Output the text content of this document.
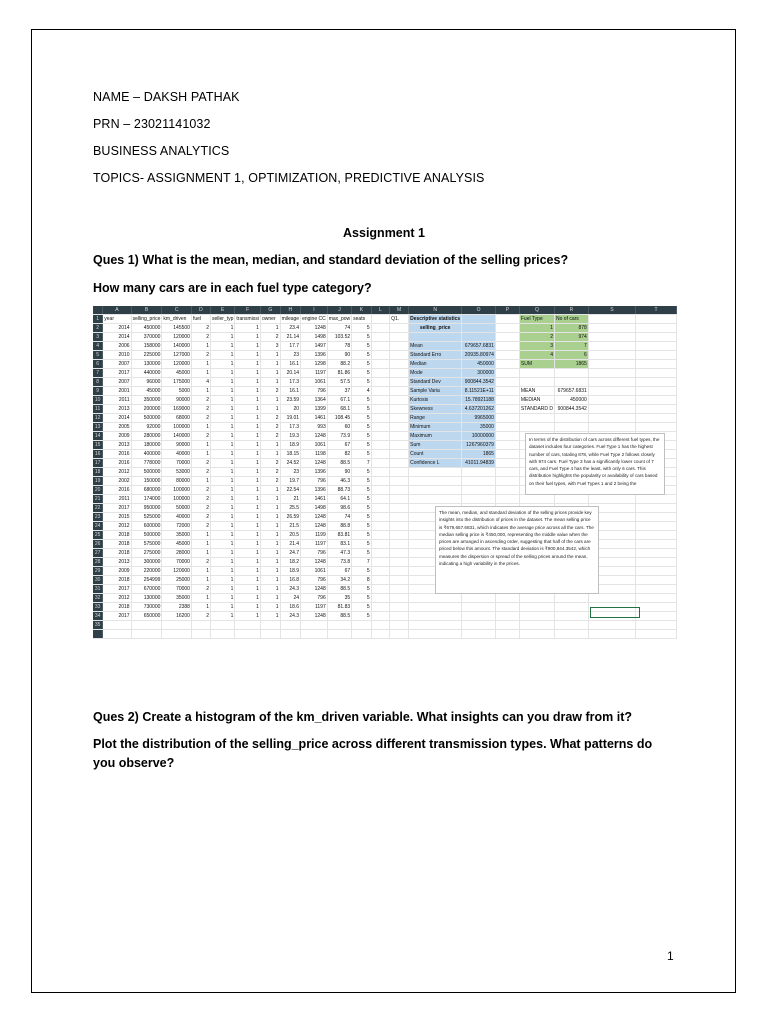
NAME – DAKSH PATHAK
PRN – 23021141032
BUSINESS ANALYTICS
TOPICS- ASSIGNMENT 1, OPTIMIZATION, PREDICTIVE ANALYSIS
Assignment 1
Ques 1) What is the mean, median, and standard deviation of the selling prices?
How many cars are in each fuel type category?
	A	B	C	D	E	F	G	H	I	J	K	L	M	N	O	P	Q	R	S	T
1	year	selling_price	km_driven	fuel	seller_typ	transmissi	owner	mileage	engine CC	max_pow	seats		Q1.	Descriptive statistics			Fuel Type	No of cars		
2	2014	450000	145500	2	1	1	1	23.4	1248	74	5			selling_price			1	878		
3	2014	370000	120000	2	1	1	2	21.14	1498	103.52	5						2	974		
4	2006	158000	140000	1	1	1	3	17.7	1497	78	5			Mean	679657.6831		3	7		
5	2010	225000	127000	2	1	1	1	23	1396	90	5			Standard Erro	20935.80974		4	6		
6	2007	130000	120000	1	1	1	1	16.1	1298	88.2	5			Median	450000		SUM	1865		
7	2017	440000	45000	1	1	1	1	20.14	1197	81.86	5			Mode	300000					
8	2007	96000	175000	4	1	1	1	17.3	1061	57.5	5			Standard Dev	900844.3542					
9	2001	45000	5000	1	1	1	2	16.1	796	37	4			Sample Varia	8.11521E+11		MEAN	679657.6831		
10	2011	350000	90000	2	1	1	1	23.59	1364	67.1	5			Kurtosis	15.78921188		MEDIAN	450000		
11	2013	200000	169000	2	1	1	1	20	1399	68.1	5			Skewness	4.637201262		STANDARD D	900844.3542		
12	2014	500000	68000	2	1	1	2	19.01	1461	108.45	5			Range	9965000					
13	2005	92000	100000	1	1	1	2	17.3	993	60	5			Minimum	35000					
14	2009	280000	140000	2	1	1	2	19.3	1248	73.9	5			Maximum	10000000					
15	2013	180000	90000	1	1	1	1	18.9	1061	67	5			Sum	1267960379					
16	2016	400000	40000	1	1	1	1	18.15	1198	82	5			Count	1865					
17	2016	778000	70000	2	1	1	2	24.52	1248	88.5	7			Confidence L	41011.94839					
18	2012	500000	53000	2	1	1	2	23	1396	90	5									
19	2002	150000	80000	1	1	1	2	19.7	796	46.3	5									
20	2016	680000	100000	2	1	1	1	22.54	1396	88.73	5									
21	2011	174000	100000	2	1	1	1	21	1461	64.1	5									
22	2017	950000	50000	2	1	1	1	25.5	1498	98.6	5									
23	2015	525000	40000	2	1	1	1	26.59	1248	74	5									
24	2012	600000	72000	2	1	1	1	21.5	1248	88.8	5									
25	2018	500000	35000	1	1	1	1	20.5	1199	83.81	5									
26	2018	575000	45000	1	1	1	1	21.4	1197	83.1	5									
27	2018	275000	28000	1	1	1	1	24.7	796	47.3	5									
28	2013	300000	70000	2	1	1	1	18.2	1248	73.8	7									
29	2009	220000	120000	1	1	1	1	18.9	1061	67	5									
30	2018	254999	25000	1	1	1	1	16.8	796	34.2	8									
31	2017	670000	70000	2	1	1	1	24.3	1248	88.5	5									
32	2012	130000	35000	1	1	1	1	24	796	35	5									
33	2018	730000	2388	1	1	1	1	18.6	1197	81.83	5									
34	2017	650000	16200	2	1	1	1	24.3	1248	88.5	5									
35																				

In terms of the distribution of cars across different fuel types, the dataset includes four categories. Fuel Type 1 has the highest number of cars, totaling 878, while Fuel Type 2 follows closely with 974 cars. Fuel Type 3 has a significantly lower count of 7 cars, and Fuel Type 4 has the least, with only 6 cars. This distribution highlights the popularity or availability of cars based on their fuel types, with Fuel Types 1 and 2 being the
The mean, median, and standard deviation of the selling prices provide key insights into the distribution of prices in the dataset. The mean selling price is ₹679,657.6831, which indicates the average price across all the cars. The median selling price is ₹450,000, representing the middle value when the prices are arranged in ascending order, suggesting that half of the cars are priced below this amount. The standard deviation is ₹900,844.3542, which measures the dispersion or spread of the selling prices around the mean, indicating a high variability in the prices.
Ques 2) Create a histogram of the km_driven variable. What insights can you draw from it?
Plot the distribution of the selling_price across different transmission types. What patterns do you observe?
1
